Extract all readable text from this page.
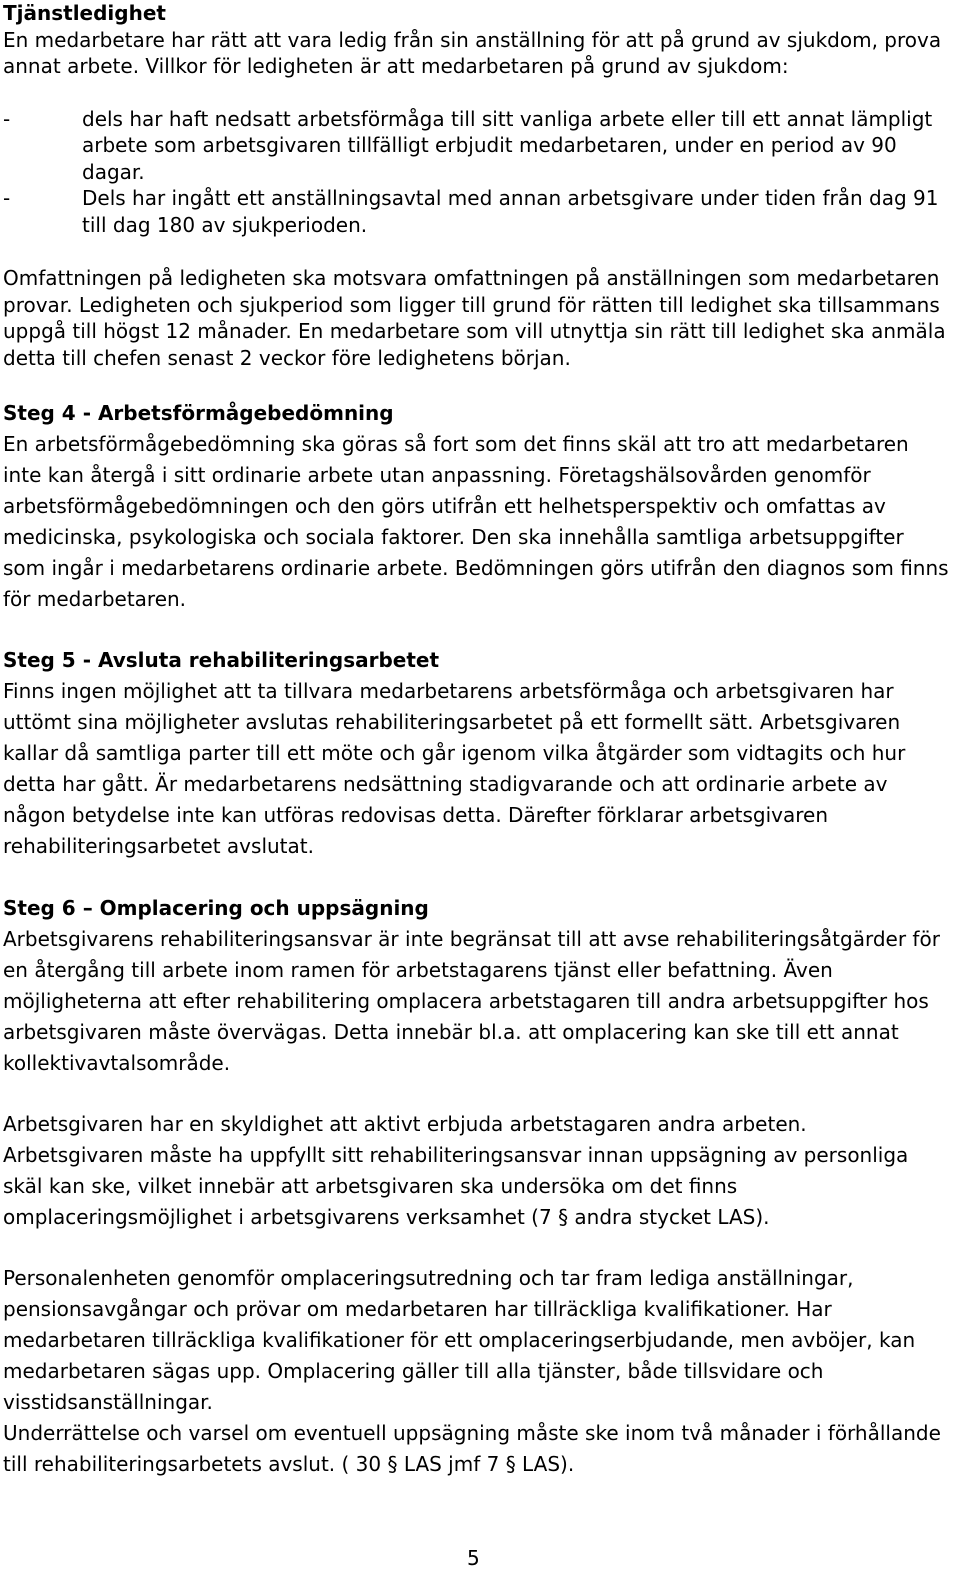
Tjänstledighet

En medarbetare har rätt att vara ledig från sin anställning för att på grund av sjukdom, prova annat arbete. Villkor för ledigheten är att medarbetaren på grund av sjukdom:

- dels har haft nedsatt arbetsförmåga till sitt vanliga arbete eller till ett annat lämpligt arbete som arbetsgivaren tillfälligt erbjudit medarbetaren, under en period av 90 dagar.
- Dels har ingått ett anställningsavtal med annan arbetsgivare under tiden från dag 91 till dag 180 av sjukperioden.

Omfattningen på ledigheten ska motsvara omfattningen på anställningen som medarbetaren provar. Ledigheten och sjukperiod som ligger till grund för rätten till ledighet ska tillsammans uppgå till högst 12 månader. En medarbetare som vill utnyttja sin rätt till ledighet ska anmäla detta till chefen senast 2 veckor före ledighetens början.

Steg 4 - Arbetsförmågebedömning

En arbetsförmågebedömning ska göras så fort som det finns skäl att tro att medarbetaren inte kan återgå i sitt ordinarie arbete utan anpassning. Företagshälsovården genomför arbetsförmågebedömningen och den görs utifrån ett helhetsperspektiv och omfattas av medicinska, psykologiska och sociala faktorer. Den ska innehålla samtliga arbetsuppgifter som ingår i medarbetarens ordinarie arbete. Bedömningen görs utifrån den diagnos som finns för medarbetaren.

Steg 5 - Avsluta rehabiliteringsarbetet

Finns ingen möjlighet att ta tillvara medarbetarens arbetsförmåga och arbetsgivaren har uttömt sina möjligheter avslutas rehabiliteringsarbetet på ett formellt sätt. Arbetsgivaren kallar då samtliga parter till ett möte och går igenom vilka åtgärder som vidtagits och hur detta har gått. Är medarbetarens nedsättning stadigvarande och att ordinarie arbete av någon betydelse inte kan utföras redovisas detta. Därefter förklarar arbetsgivaren rehabiliteringsarbetet avslutat.

Steg 6 – Omplacering och uppsägning

Arbetsgivarens rehabiliteringsansvar är inte begränsat till att avse rehabiliteringsåtgärder för en återgång till arbete inom ramen för arbetstagarens tjänst eller befattning. Även möjligheterna att efter rehabilitering omplacera arbetstagaren till andra arbetsuppgifter hos arbetsgivaren måste övervägas. Detta innebär bl.a. att omplacering kan ske till ett annat kollektivavtalsområde.

Arbetsgivaren har en skyldighet att aktivt erbjuda arbetstagaren andra arbeten. Arbetsgivaren måste ha uppfyllt sitt rehabiliteringsansvar innan uppsägning av personliga skäl kan ske, vilket innebär att arbetsgivaren ska undersöka om det finns omplaceringsmöjlighet i arbetsgivarens verksamhet (7 § andra stycket LAS).

Personalenheten genomför omplaceringsutredning och tar fram lediga anställningar, pensionsavgångar och prövar om medarbetaren har tillräckliga kvalifikationer. Har medarbetaren tillräckliga kvalifikationer för ett omplaceringserbjudande, men avböjer, kan medarbetaren sägas upp. Omplacering gäller till alla tjänster, både tillsvidare och visstidsanställningar.

Underrättelse och varsel om eventuell uppsägning måste ske inom två månader i förhållande till rehabiliteringsarbetets avslut. ( 30 § LAS jmf 7 § LAS).

5
